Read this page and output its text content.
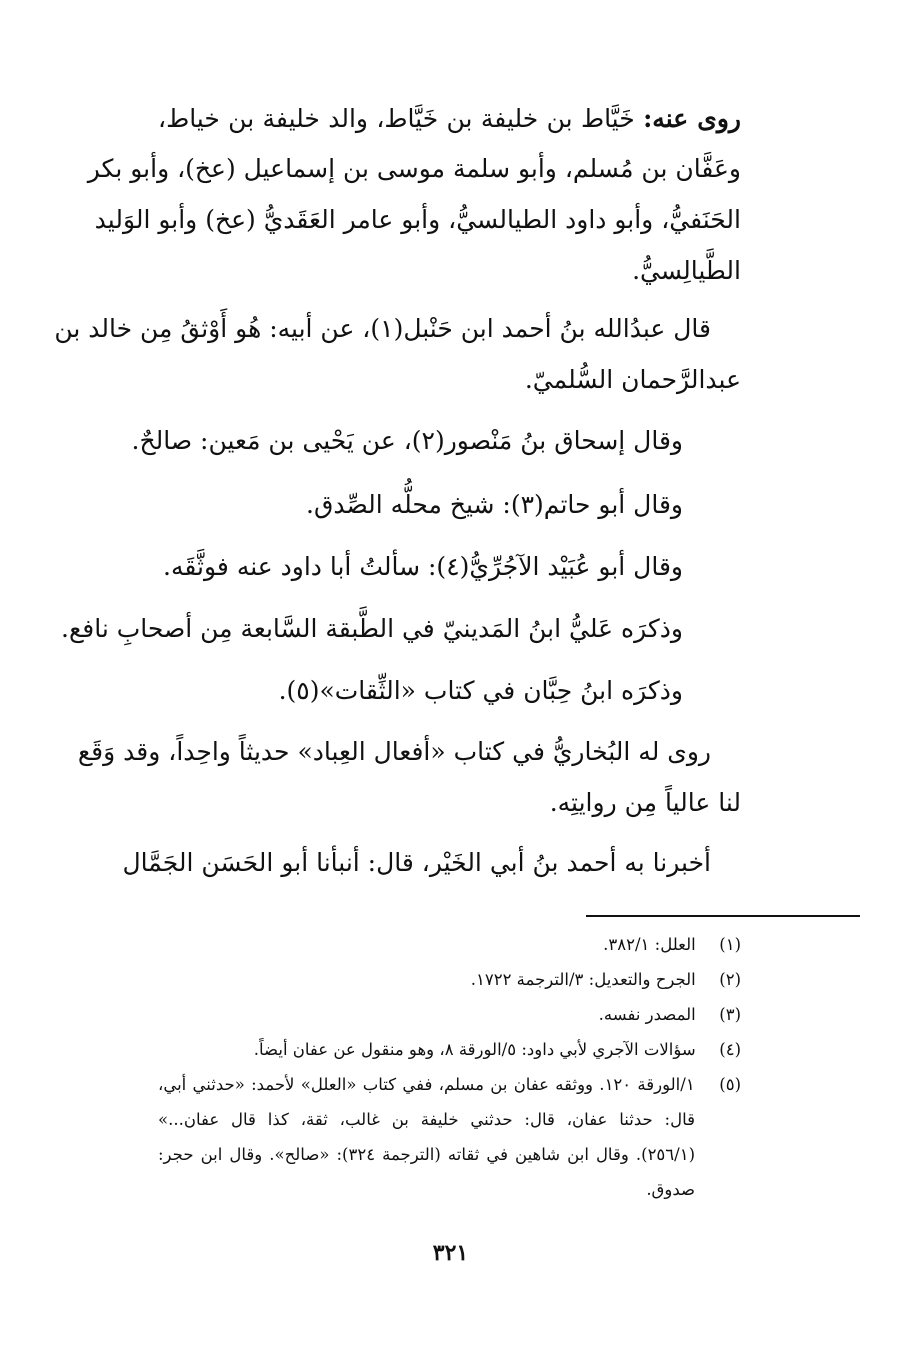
روى عنه: خَيَّاط بن خليفة بن خَيَّاط، والد خليفة بن خياط،
وعَفَّان بن مُسلم، وأبو سلمة موسى بن إسماعيل (عخ)، وأبو بكر
الحَنَفيُّ، وأبو داود الطيالسيُّ، وأبو عامر العَقَديُّ (عخ) وأبو الوَليد
الطَّيالِسيُّ.
قال عبدُالله بنُ أحمد ابن حَنْبل(١)، عن أبيه: هُو أَوْثقُ مِن خالد بن
عبدالرَّحمان السُّلميّ.
وقال إسحاق بنُ مَنْصور(٢)، عن يَحْيى بن مَعين: صالحٌ.
وقال أبو حاتم(٣): شيخ محلُّه الصِّدق.
وقال أبو عُبَيْد الآجُرِّيُّ(٤): سألتُ أبا داود عنه فوثَّقَه.
وذكرَه عَليُّ ابنُ المَدينيّ في الطَّبقة السَّابعة مِن أصحابِ نافع.
وذكرَه ابنُ حِبَّان في كتاب «الثِّقات»(٥).
روى له البُخاريُّ في كتاب «أفعال العِباد» حديثاً واحِداً، وقد وَقَع
لنا عالياً مِن روايتِه.
أخبرنا به أحمد بنُ أبي الخَيْر، قال: أنبأنا أبو الحَسَن الجَمَّال
(١) العلل: ٣٨٢/١.
(٢) الجرح والتعديل: ٣/الترجمة ١٧٢٢.
(٣) المصدر نفسه.
(٤) سؤالات الآجري لأبي داود: ٥/الورقة ٨، وهو منقول عن عفان أيضاً.
(٥) ١/الورقة ١٢٠. ووثقه عفان بن مسلم، ففي كتاب «العلل» لأحمد: «حدثني أبي،
قال: حدثنا عفان، قال: حدثني خليفة بن غالب، ثقة، كذا قال عفان...»
(٢٥٦/١). وقال ابن شاهين في ثقاته (الترجمة ٣٢٤): «صالح». وقال ابن حجر:
صدوق.
٣٢١
